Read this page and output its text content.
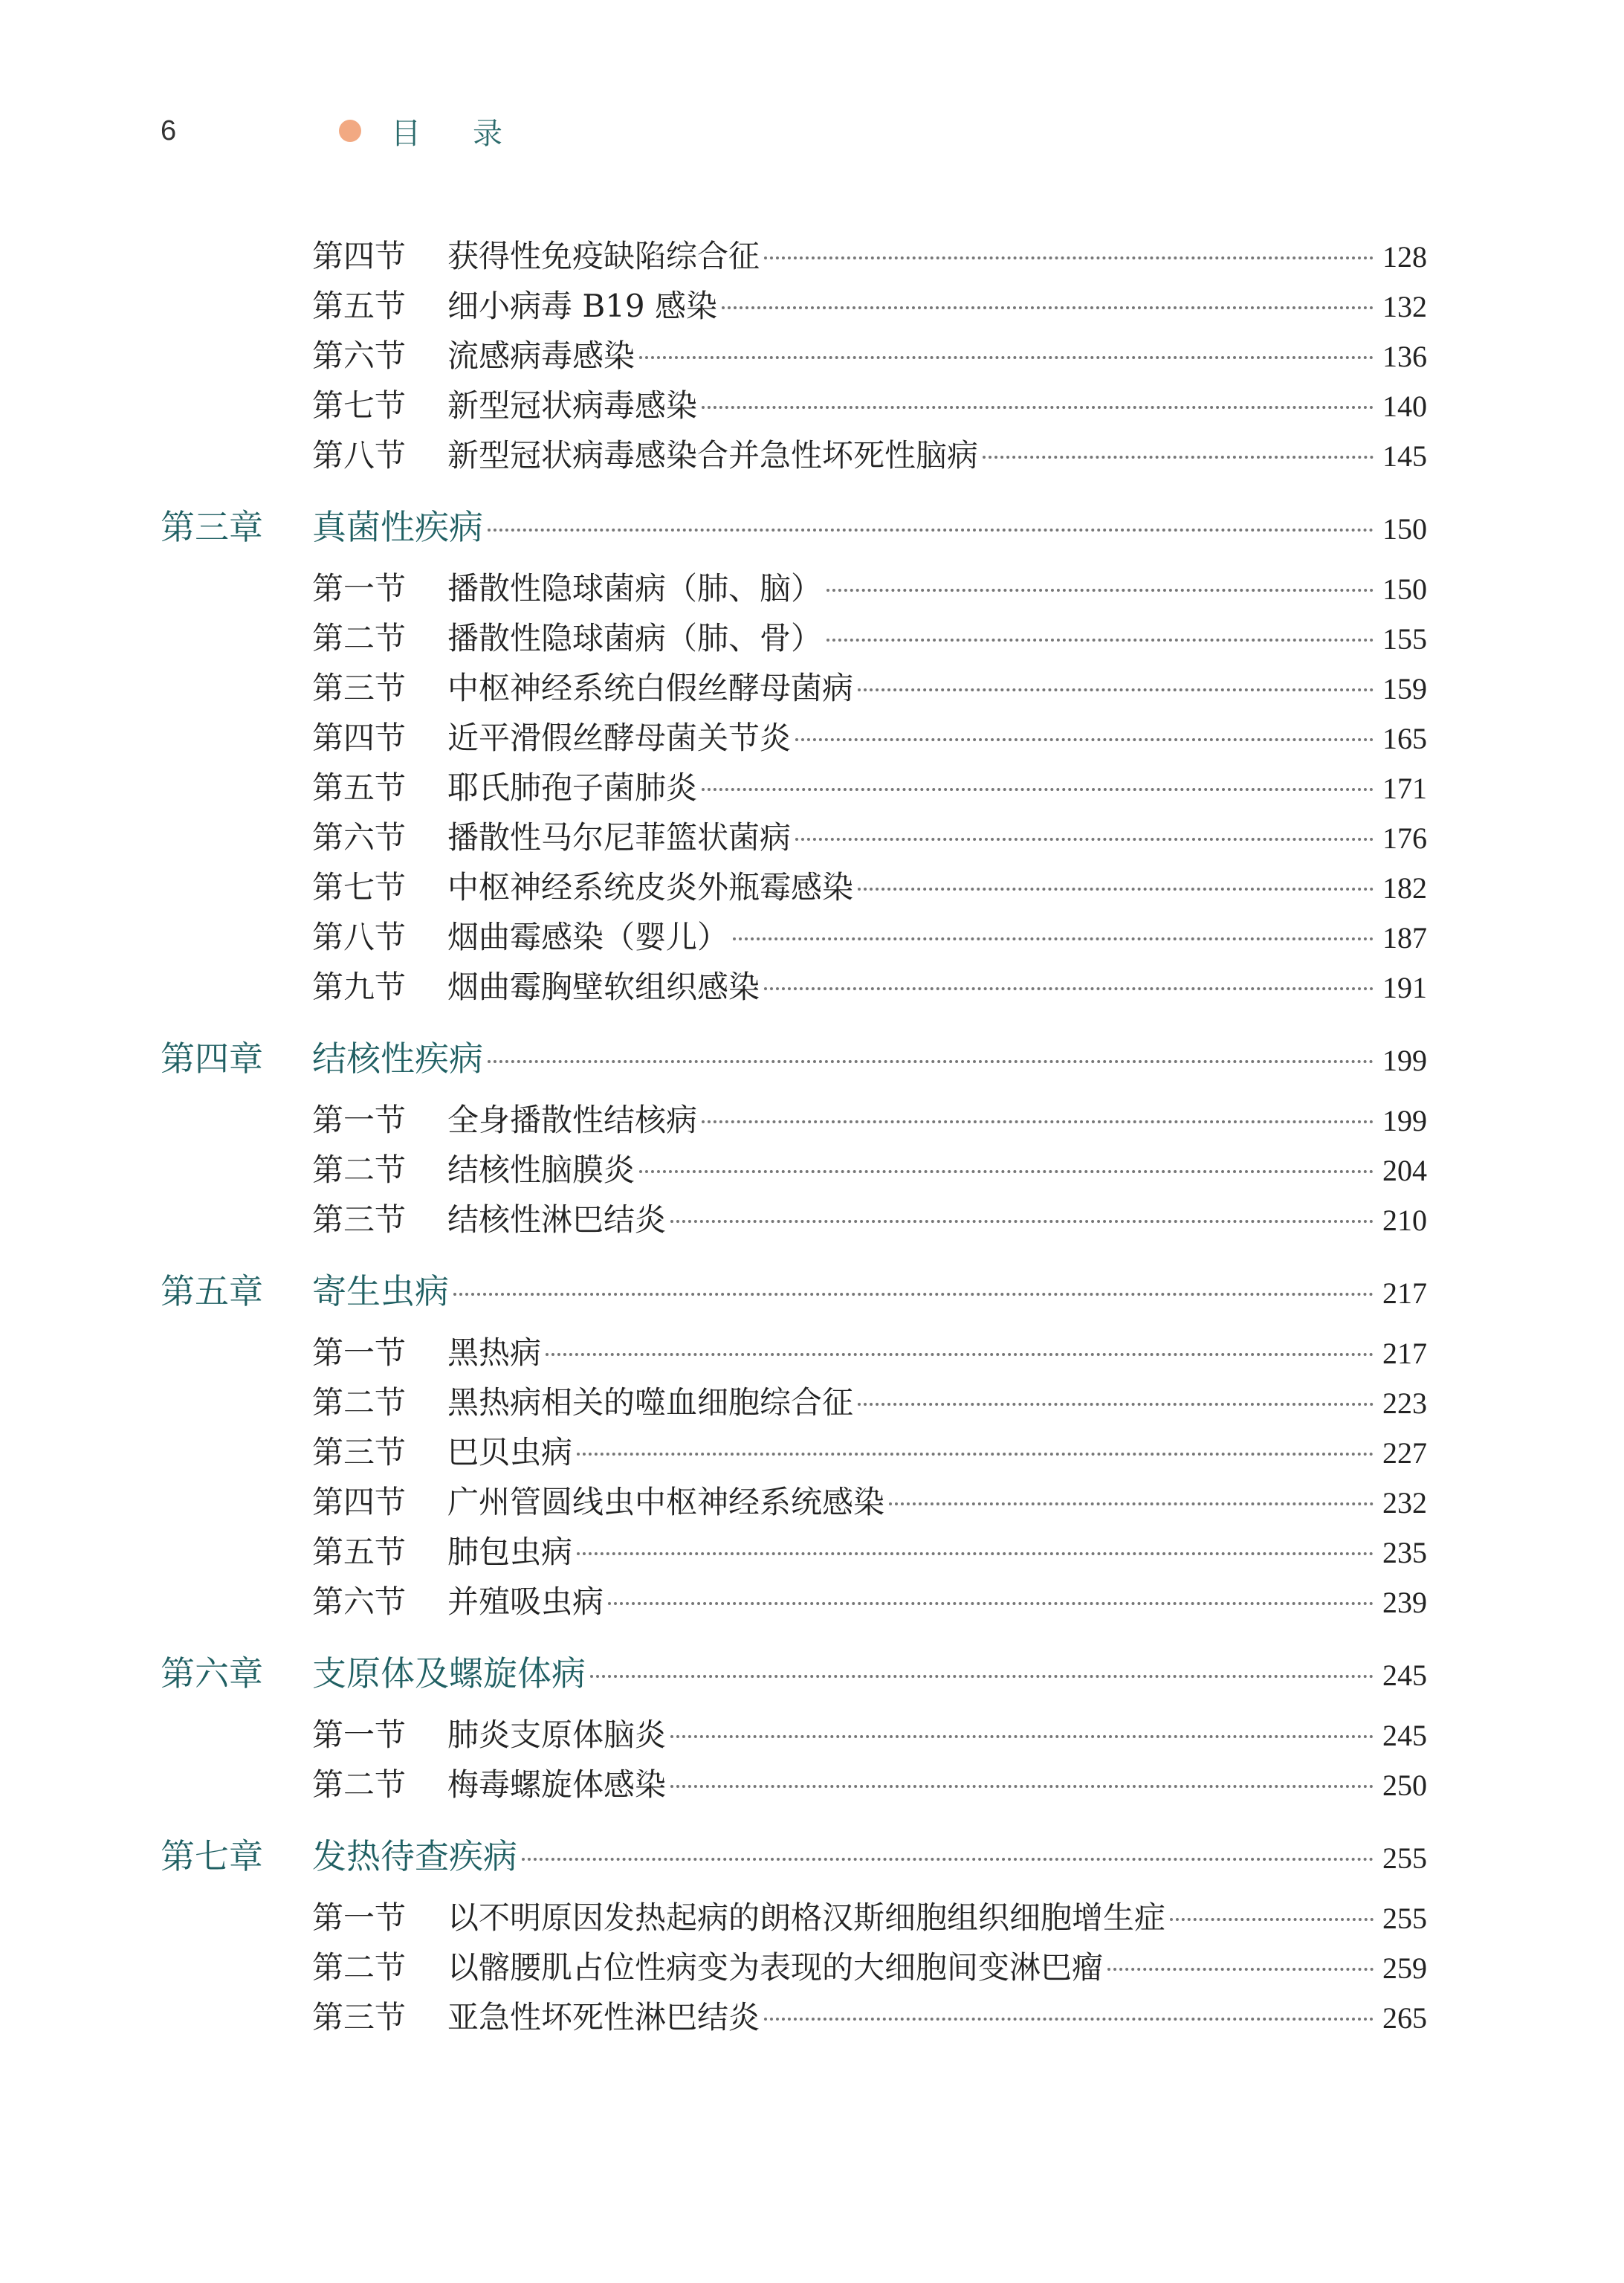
6	目录
第四节	获得性免疫缺陷综合征	128
第五节	细小病毒 B19 感染	132
第六节	流感病毒感染	136
第七节	新型冠状病毒感染	140
第八节	新型冠状病毒感染合并急性坏死性脑病	145
第三章	真菌性疾病	150
第一节	播散性隐球菌病（肺、脑）	150
第二节	播散性隐球菌病（肺、骨）	155
第三节	中枢神经系统白假丝酵母菌病	159
第四节	近平滑假丝酵母菌关节炎	165
第五节	耶氏肺孢子菌肺炎	171
第六节	播散性马尔尼菲篮状菌病	176
第七节	中枢神经系统皮炎外瓶霉感染	182
第八节	烟曲霉感染（婴儿）	187
第九节	烟曲霉胸壁软组织感染	191
第四章	结核性疾病	199
第一节	全身播散性结核病	199
第二节	结核性脑膜炎	204
第三节	结核性淋巴结炎	210
第五章	寄生虫病	217
第一节	黑热病	217
第二节	黑热病相关的噬血细胞综合征	223
第三节	巴贝虫病	227
第四节	广州管圆线虫中枢神经系统感染	232
第五节	肺包虫病	235
第六节	并殖吸虫病	239
第六章	支原体及螺旋体病	245
第一节	肺炎支原体脑炎	245
第二节	梅毒螺旋体感染	250
第七章	发热待查疾病	255
第一节	以不明原因发热起病的朗格汉斯细胞组织细胞增生症	255
第二节	以髂腰肌占位性病变为表现的大细胞间变淋巴瘤	259
第三节	亚急性坏死性淋巴结炎	265
